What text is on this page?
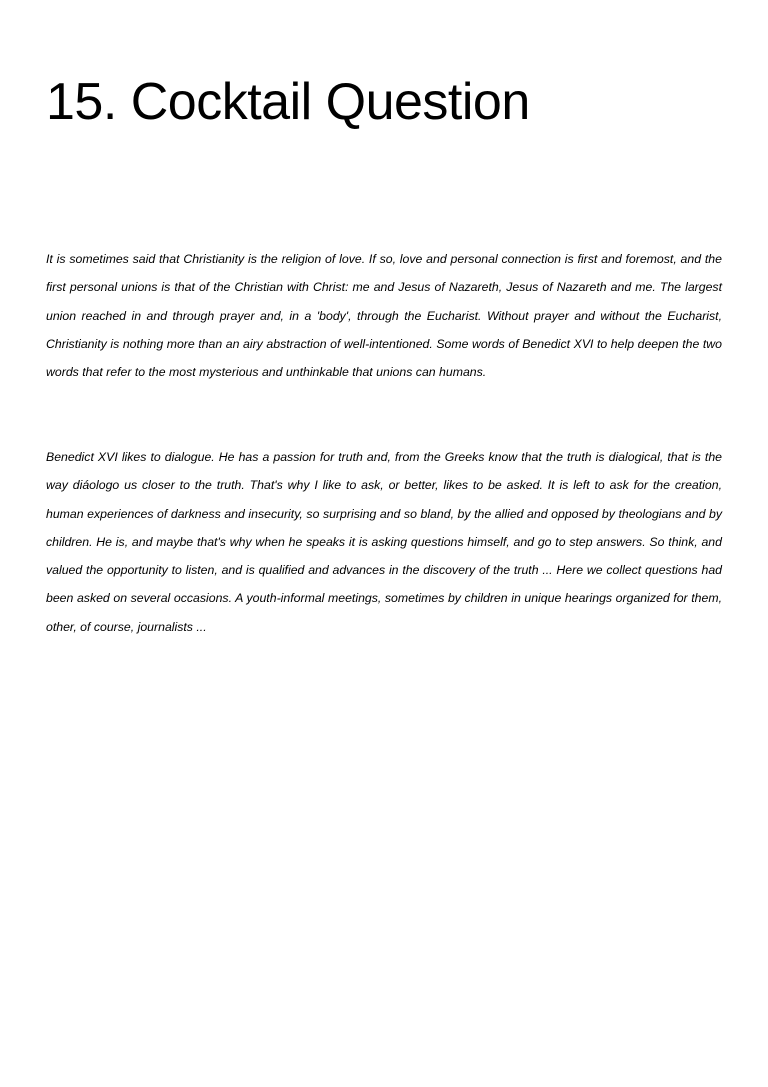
15. Cocktail Question

It is sometimes said that Christianity is the religion of love. If so, love and personal connection is first and foremost, and the first personal unions is that of the Christian with Christ: me and Jesus of Nazareth, Jesus of Nazareth and me. The largest union reached in and through prayer and, in a 'body', through the Eucharist. Without prayer and without the Eucharist, Christianity is nothing more than an airy abstraction of well-intentioned. Some words of Benedict XVI to help deepen the two words that refer to the most mysterious and unthinkable that unions can humans.

Benedict XVI likes to dialogue. He has a passion for truth and, from the Greeks know that the truth is dialogical, that is the way diáologo us closer to the truth. That's why I like to ask, or better, likes to be asked. It is left to ask for the creation, human experiences of darkness and insecurity, so surprising and so bland, by the allied and opposed by theologians and by children. He is, and maybe that's why when he speaks it is asking questions himself, and go to step answers. So think, and valued the opportunity to listen, and is qualified and advances in the discovery of the truth ... Here we collect questions had been asked on several occasions. A youth-informal meetings, sometimes by children in unique hearings organized for them, other, of course, journalists ...
